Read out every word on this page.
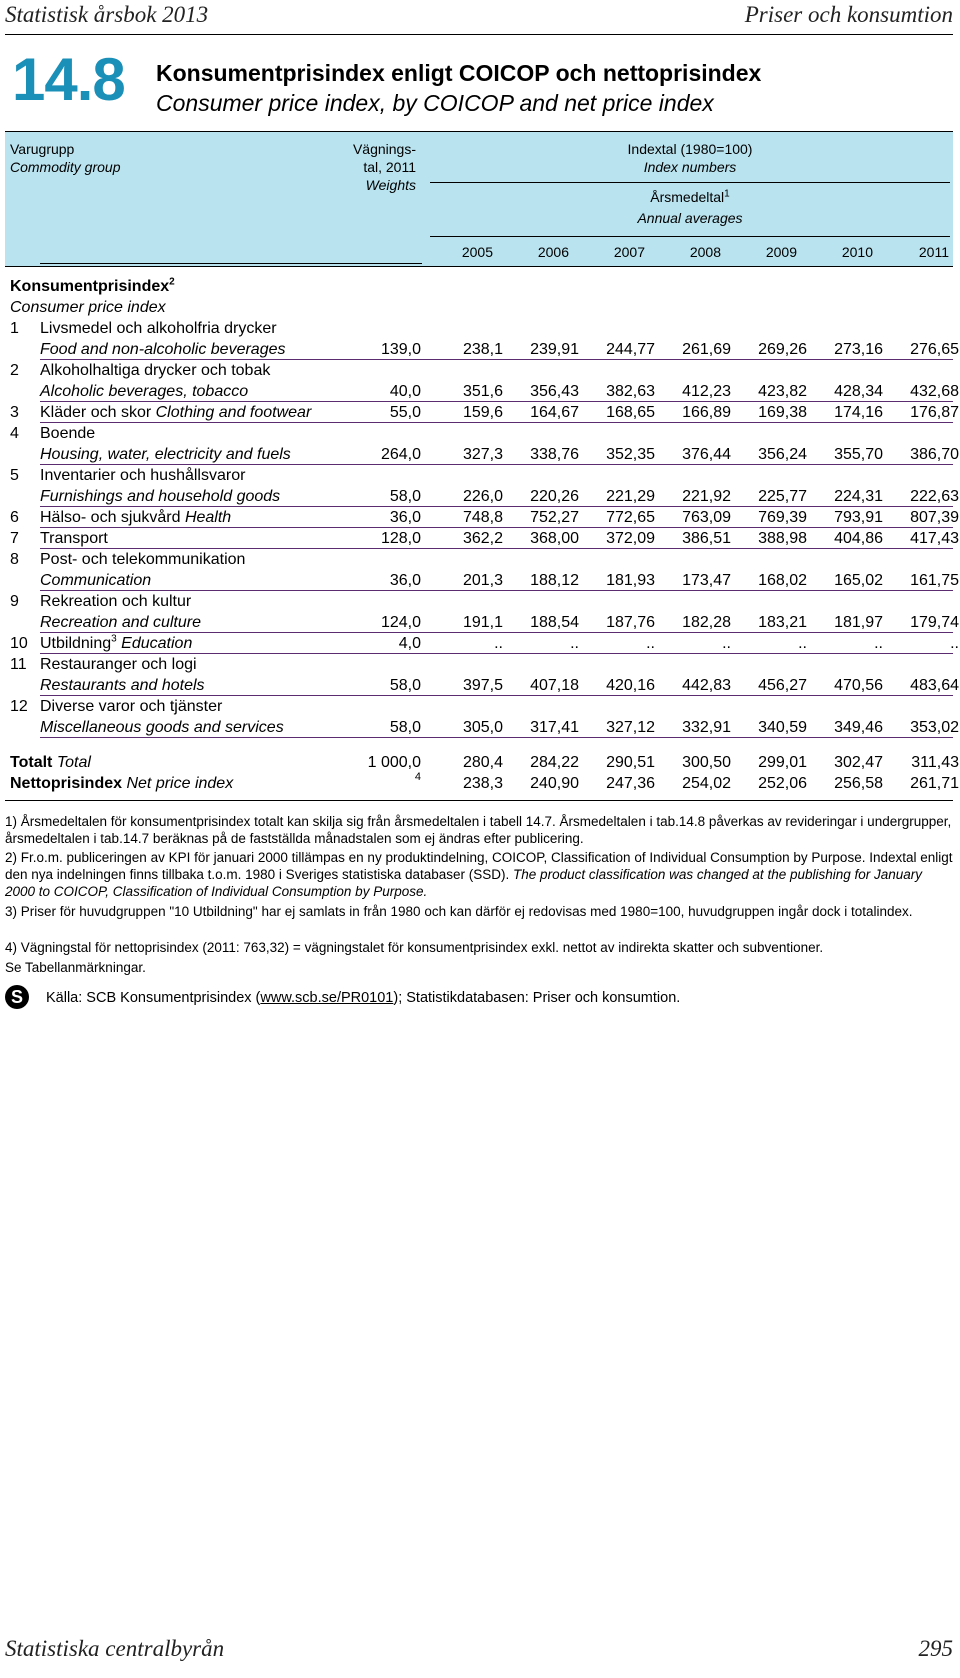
Statistisk årsbok 2013	Priser och konsumtion
14.8 Konsumentprisindex enligt COICOP och nettoprisindex
Consumer price index, by COICOP and net price index
Varugrupp
Commodity group
Vägnings-
tal, 2011
Weights
Indextal (1980=100)
Index numbers
Årsmedeltal$^1$
Annual averages
2005	2006	2007	2008	2009	2010	2011
Konsumentprisindex$^2$
Consumer price index
1 Livsmedel och alkoholfria drycker
Food and non-alcoholic beverages	139,0	238,1	239,91	244,77	261,69	269,26	273,16	276,65
2 Alkoholhaltiga drycker och tobak
Alcoholic beverages, tobacco	40,0	351,6	356,43	382,63	412,23	423,82	428,34	432,68
3 Kläder och skor Clothing and footwear	55,0	159,6	164,67	168,65	166,89	169,38	174,16	176,87
4 Boende
Housing, water, electricity and fuels	264,0	327,3	338,76	352,35	376,44	356,24	355,70	386,70
5 Inventarier och hushållsvaror
Furnishings and household goods	58,0	226,0	220,26	221,29	221,92	225,77	224,31	222,63
6 Hälso- och sjukvård Health	36,0	748,8	752,27	772,65	763,09	769,39	793,91	807,39
7 Transport	128,0	362,2	368,00	372,09	386,51	388,98	404,86	417,43
8 Post- och telekommunikation
Communication	36,0	201,3	188,12	181,93	173,47	168,02	165,02	161,75
9 Rekreation och kultur
Recreation and culture	124,0	191,1	188,54	187,76	182,28	183,21	181,97	179,74
10 Utbildning$^3$ Education	4,0	..	..	..	..	..	..	..
11 Restauranger och logi
Restaurants and hotels	58,0	397,5	407,18	420,16	442,83	456,27	470,56	483,64
12 Diverse varor och tjänster
Miscellaneous goods and services	58,0	305,0	317,41	327,12	332,91	340,59	349,46	353,02
Totalt Total	1 000,0	280,4	284,22	290,51	300,50	299,01	302,47	311,43
Nettoprisindex Net price index	4	238,3	240,90	247,36	254,02	252,06	256,58	261,71
1) Årsmedeltalen för konsumentprisindex totalt kan skilja sig från årsmedeltalen i tabell 14.7. Årsmedeltalen i tab.14.8 påverkas av revideringar i undergrupper, årsmedeltalen i tab.14.7 beräknas på de fastställda månadstalen som ej ändras efter publicering.
2) Fr.o.m. publiceringen av KPI för januari 2000 tillämpas en ny produktindelning, COICOP, Classification of Individual Consumption by Purpose. Indextal enligt den nya indelningen finns tillbaka t.o.m. 1980 i Sveriges statistiska databaser (SSD). The product classification was changed at the publishing for January 2000 to COICOP, Classification of Individual Consumption by Purpose.
3) Priser för huvudgruppen "10 Utbildning" har ej samlats in från 1980 och kan därför ej redovisas med 1980=100, huvudgruppen ingår dock i totalindex.
4) Vägningstal för nettoprisindex (2011: 763,32) = vägningstalet för konsumentprisindex exkl. nettot av indirekta skatter och subventioner.
Se Tabellanmärkningar.
S	Källa: SCB Konsumentprisindex (www.scb.se/PR0101); Statistikdatabasen: Priser och konsumtion.
Statistiska centralbyrån	295
